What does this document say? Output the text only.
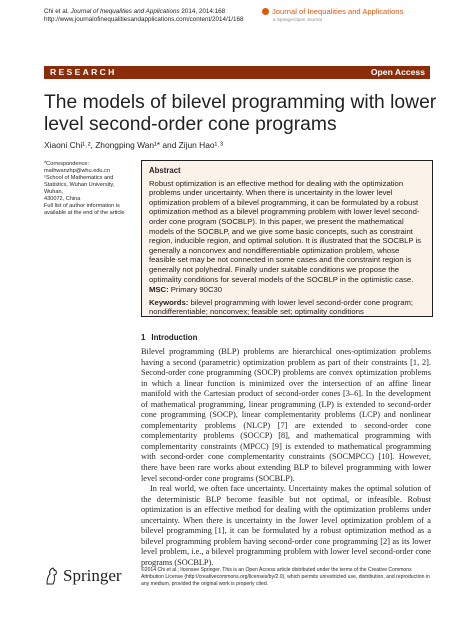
Chi et al. Journal of Inequalities and Applications 2014, 2014:168
http://www.journalofinequalitiesandapplications.com/content/2014/1/168
Journal of Inequalities and Applications
a SpringerOpen Journal
RESEARCH	Open Access
The models of bilevel programming with lower level second-order cone programs
Xiaoni Chi¹˒², Zhongping Wan¹* and Zijun Hao¹˒³
*Correspondence:
mathwanzhp@whu.edu.cn
¹School of Mathematics and
Statistics, Wuhan University, Wuhan,
430072, China
Full list of author information is
available at the end of the article
Abstract
Robust optimization is an effective method for dealing with the optimization problems under uncertainty. When there is uncertainty in the lower level optimization problem of a bilevel programming, it can be formulated by a robust optimization method as a bilevel programming problem with lower level second-order cone program (SOCBLP). In this paper, we present the mathematical models of the SOCBLP, and we give some basic concepts, such as constraint region, inducible region, and optimal solution. It is illustrated that the SOCBLP is generally a nonconvex and nondifferentiable optimization problem, whose feasible set may be not connected in some cases and the constraint region is generally not polyhedral. Finally under suitable conditions we propose the optimality conditions for several models of the SOCBLP in the optimistic case.
MSC: Primary 90C30
Keywords: bilevel programming with lower level second-order cone program; nondifferentiable; nonconvex; feasible set; optimality conditions
1 Introduction

Bilevel programming (BLP) problems are hierarchical ones-optimization problems having a second (parametric) optimization problem as part of their constraints [1, 2]. Second-order cone programming (SOCP) problems are convex optimization problems in which a linear function is minimized over the intersection of an affine linear manifold with the Cartesian product of second-order cones [3–6]. In the development of mathematical programming, linear programming (LP) is extended to second-order cone programming (SOCP), linear complementarity problems (LCP) and nonlinear complementarity problems (NLCP) [7] are extended to second-order cone complementarity problems (SOCCP) [8], and mathematical programming with complementarity constraints (MPCC) [9] is extended to mathematical programming with second-order cone complementarity constraints (SOCMPCC) [10]. However, there have been rare works about extending BLP to bilevel programming with lower level second-order cone programs (SOCBLP).

In real world, we often face uncertainty. Uncertainty makes the optimal solution of the deterministic BLP become feasible but not optimal, or infeasible. Robust optimization is an effective method for dealing with the optimization problems under uncertainty. When there is uncertainty in the lower level optimization problem of a bilevel programming [1], it can be formulated by a robust optimization method as a bilevel programming problem having second-order cone programming [2] as its lower level problem, i.e., a bilevel programming problem with lower level second-order cone programs (SOCBLP).

Springer	©2014 Chi et al.; licensee Springer. This is an Open Access article distributed under the terms of the Creative Commons Attribution License (http://creativecommons.org/licenses/by/2.0), which permits unrestricted use, distribution, and reproduction in any medium, provided the original work is properly cited.
